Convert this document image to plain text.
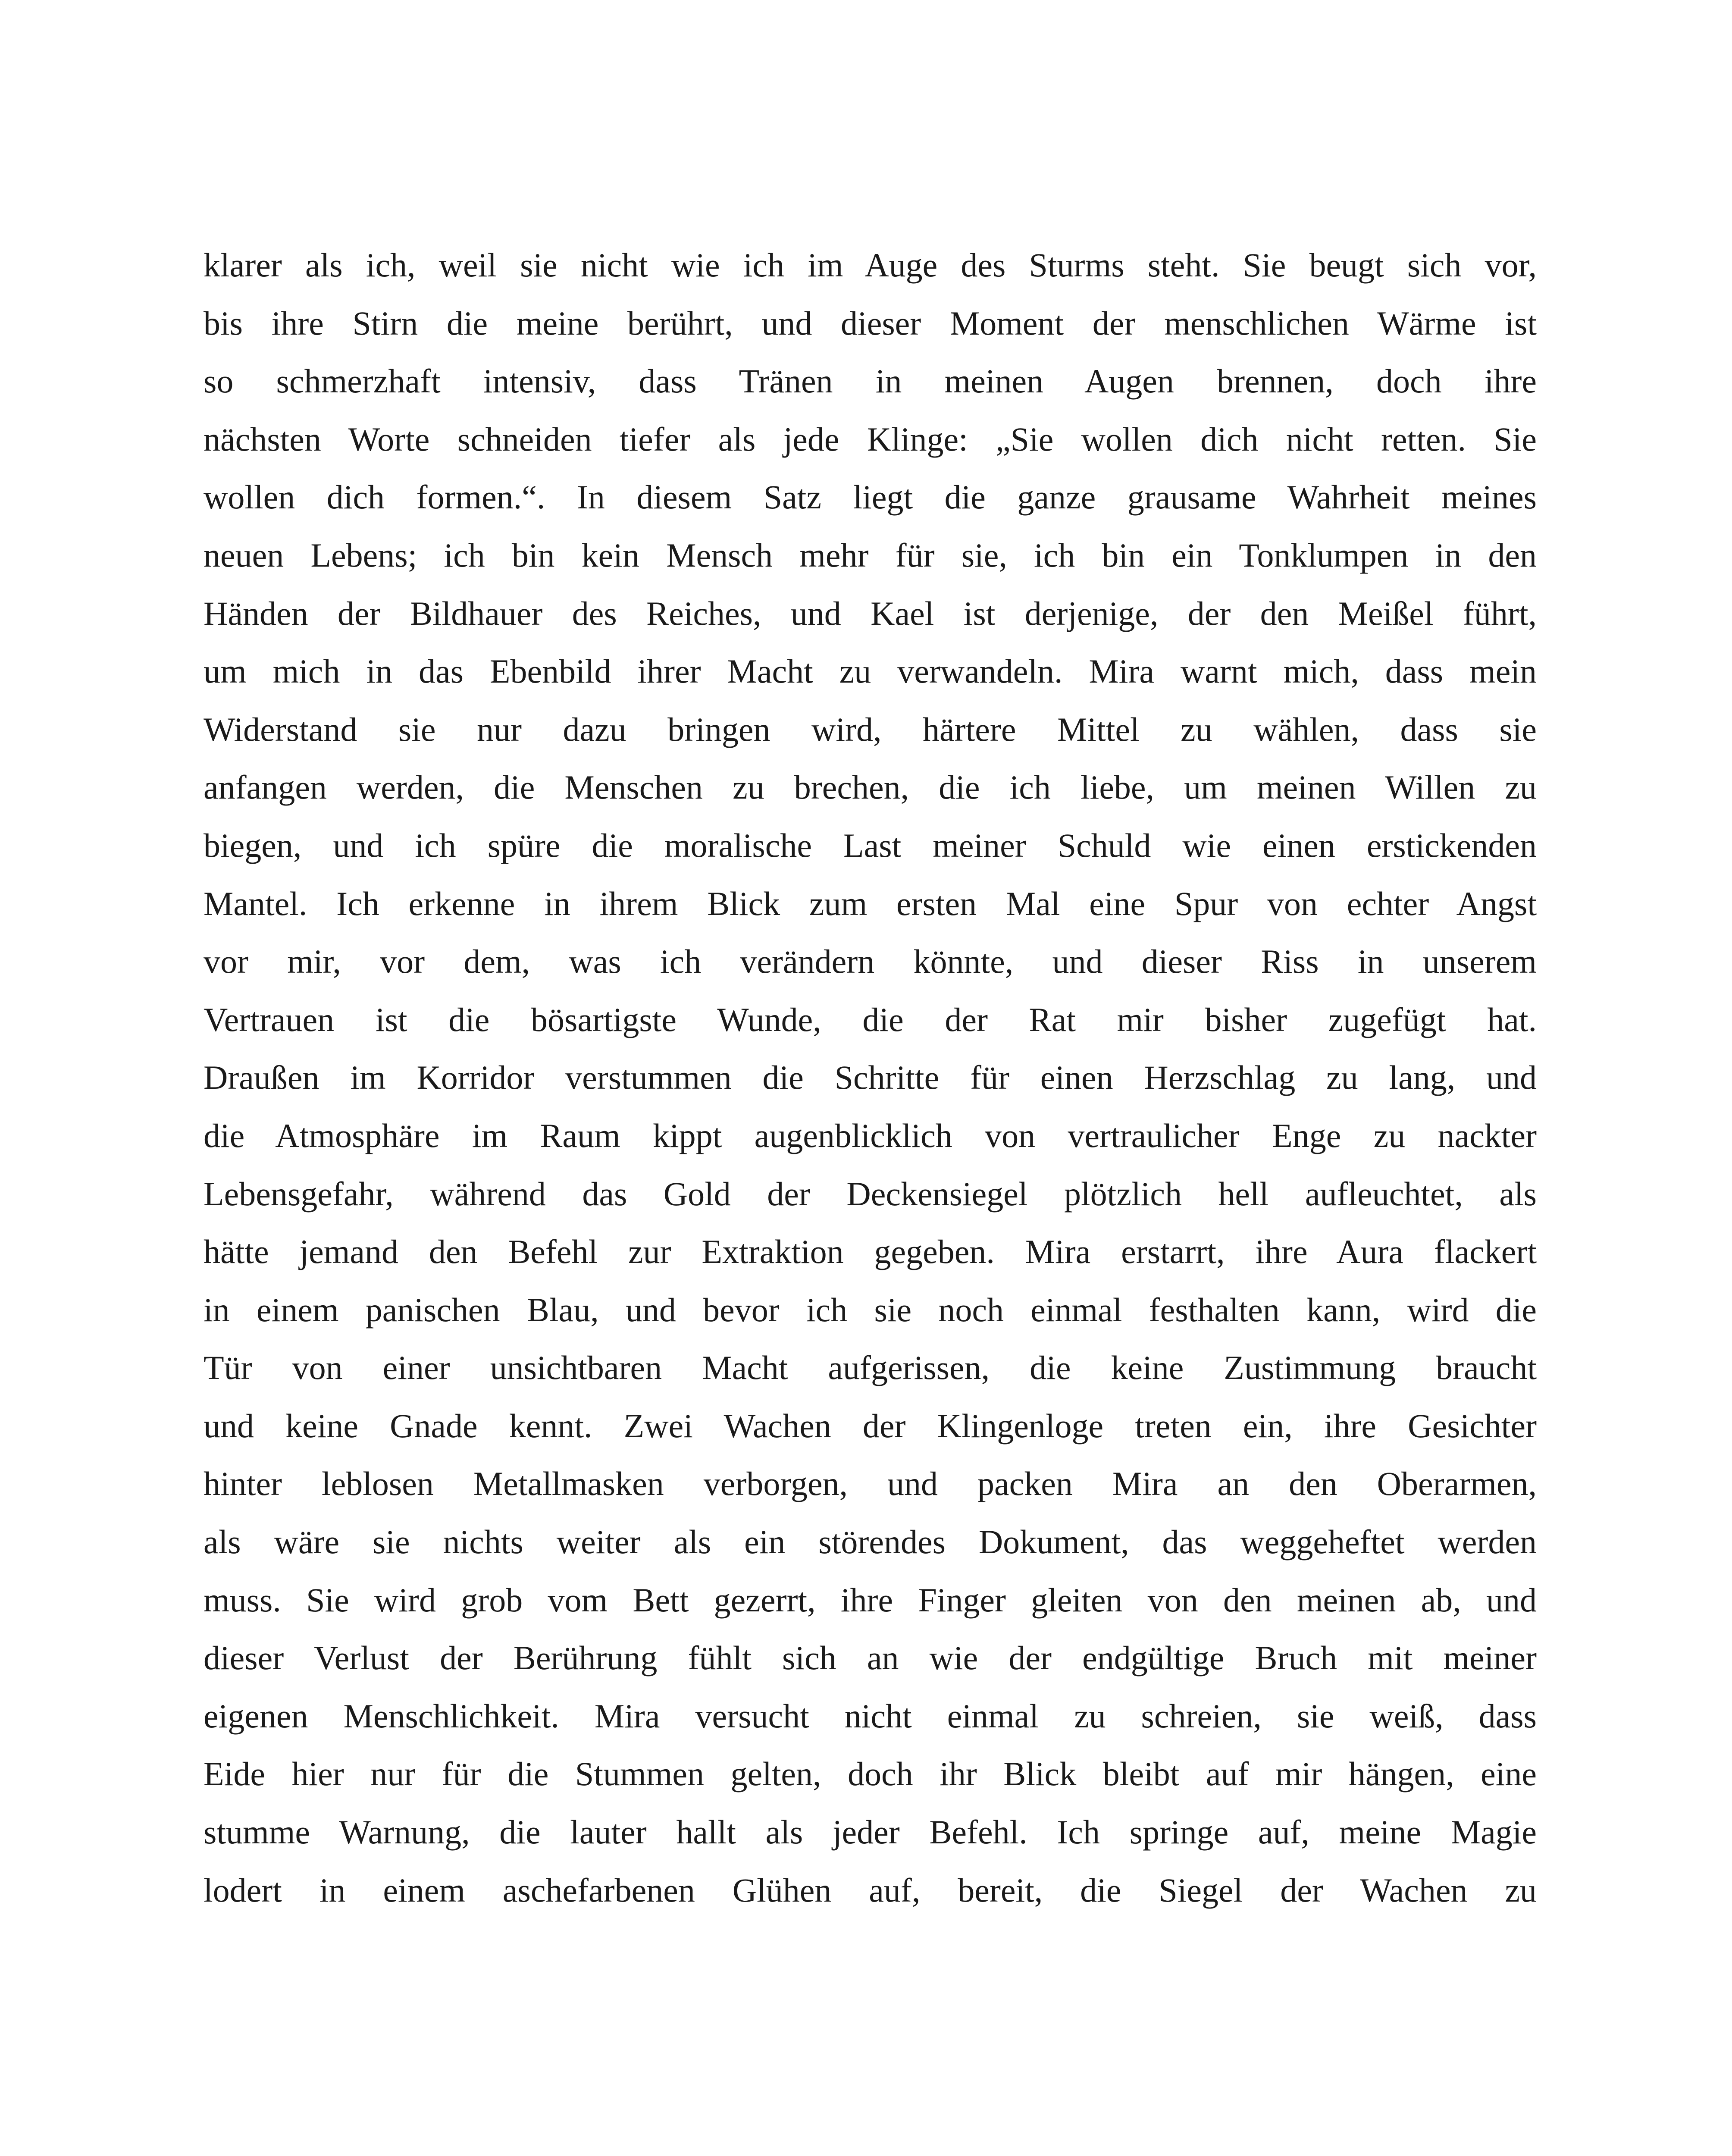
klarer als ich, weil sie nicht wie ich im Auge des Sturms steht. Sie beugt sich vor,
bis ihre Stirn die meine berührt, und dieser Moment der menschlichen Wärme ist
so schmerzhaft intensiv, dass Tränen in meinen Augen brennen, doch ihre
nächsten Worte schneiden tiefer als jede Klinge: „Sie wollen dich nicht retten. Sie
wollen dich formen.“. In diesem Satz liegt die ganze grausame Wahrheit meines
neuen Lebens; ich bin kein Mensch mehr für sie, ich bin ein Tonklumpen in den
Händen der Bildhauer des Reiches, und Kael ist derjenige, der den Meißel führt,
um mich in das Ebenbild ihrer Macht zu verwandeln. Mira warnt mich, dass mein
Widerstand sie nur dazu bringen wird, härtere Mittel zu wählen, dass sie
anfangen werden, die Menschen zu brechen, die ich liebe, um meinen Willen zu
biegen, und ich spüre die moralische Last meiner Schuld wie einen erstickenden
Mantel. Ich erkenne in ihrem Blick zum ersten Mal eine Spur von echter Angst
vor mir, vor dem, was ich verändern könnte, und dieser Riss in unserem
Vertrauen ist die bösartigste Wunde, die der Rat mir bisher zugefügt hat.
Draußen im Korridor verstummen die Schritte für einen Herzschlag zu lang, und
die Atmosphäre im Raum kippt augenblicklich von vertraulicher Enge zu nackter
Lebensgefahr, während das Gold der Deckensiegel plötzlich hell aufleuchtet, als
hätte jemand den Befehl zur Extraktion gegeben. Mira erstarrt, ihre Aura flackert
in einem panischen Blau, und bevor ich sie noch einmal festhalten kann, wird die
Tür von einer unsichtbaren Macht aufgerissen, die keine Zustimmung braucht
und keine Gnade kennt. Zwei Wachen der Klingenloge treten ein, ihre Gesichter
hinter leblosen Metallmasken verborgen, und packen Mira an den Oberarmen,
als wäre sie nichts weiter als ein störendes Dokument, das weggeheftet werden
muss. Sie wird grob vom Bett gezerrt, ihre Finger gleiten von den meinen ab, und
dieser Verlust der Berührung fühlt sich an wie der endgültige Bruch mit meiner
eigenen Menschlichkeit. Mira versucht nicht einmal zu schreien, sie weiß, dass
Eide hier nur für die Stummen gelten, doch ihr Blick bleibt auf mir hängen, eine
stumme Warnung, die lauter hallt als jeder Befehl. Ich springe auf, meine Magie
lodert in einem aschefarbenen Glühen auf, bereit, die Siegel der Wachen zu
